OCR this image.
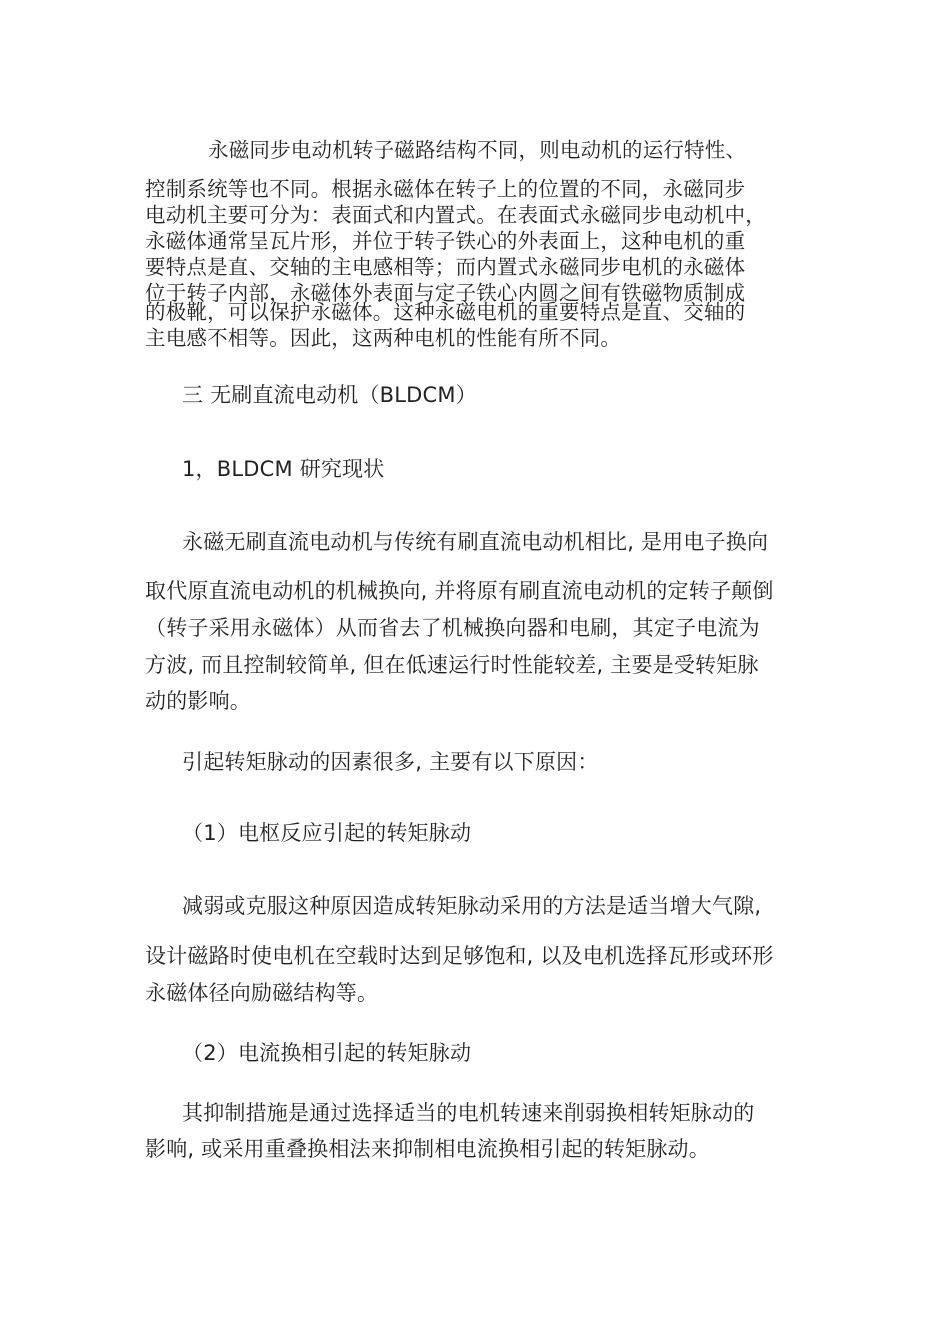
永磁同步电动机转子磁路结构不同，则电动机的运行特性、
控制系统等也不同。根据永磁体在转子上的位置的不同，永磁同步
电动机主要可分为：表面式和内置式。在表面式永磁同步电动机中，
永磁体通常呈瓦片形，并位于转子铁心的外表面上，这种电机的重
要特点是直、交轴的主电感相等；而内置式永磁同步电机的永磁体
位于转子内部，永磁体外表面与定子铁心内圆之间有铁磁物质制成
的极靴，可以保护永磁体。这种永磁电机的重要特点是直、交轴的
主电感不相等。因此，这两种电机的性能有所不同。
三 无刷直流电动机（BLDCM）
1，BLDCM 研究现状
永磁无刷直流电动机与传统有刷直流电动机相比, 是用电子换向
取代原直流电动机的机械换向, 并将原有刷直流电动机的定转子颠倒
（转子采用永磁体）从而省去了机械换向器和电刷，其定子电流为
方波, 而且控制较简单, 但在低速运行时性能较差, 主要是受转矩脉
动的影响。
引起转矩脉动的因素很多, 主要有以下原因：
（1）电枢反应引起的转矩脉动
减弱或克服这种原因造成转矩脉动采用的方法是适当增大气隙,
设计磁路时使电机在空载时达到足够饱和, 以及电机选择瓦形或环形
永磁体径向励磁结构等。
（2）电流换相引起的转矩脉动
其抑制措施是通过选择适当的电机转速来削弱换相转矩脉动的
影响, 或采用重叠换相法来抑制相电流换相引起的转矩脉动。
